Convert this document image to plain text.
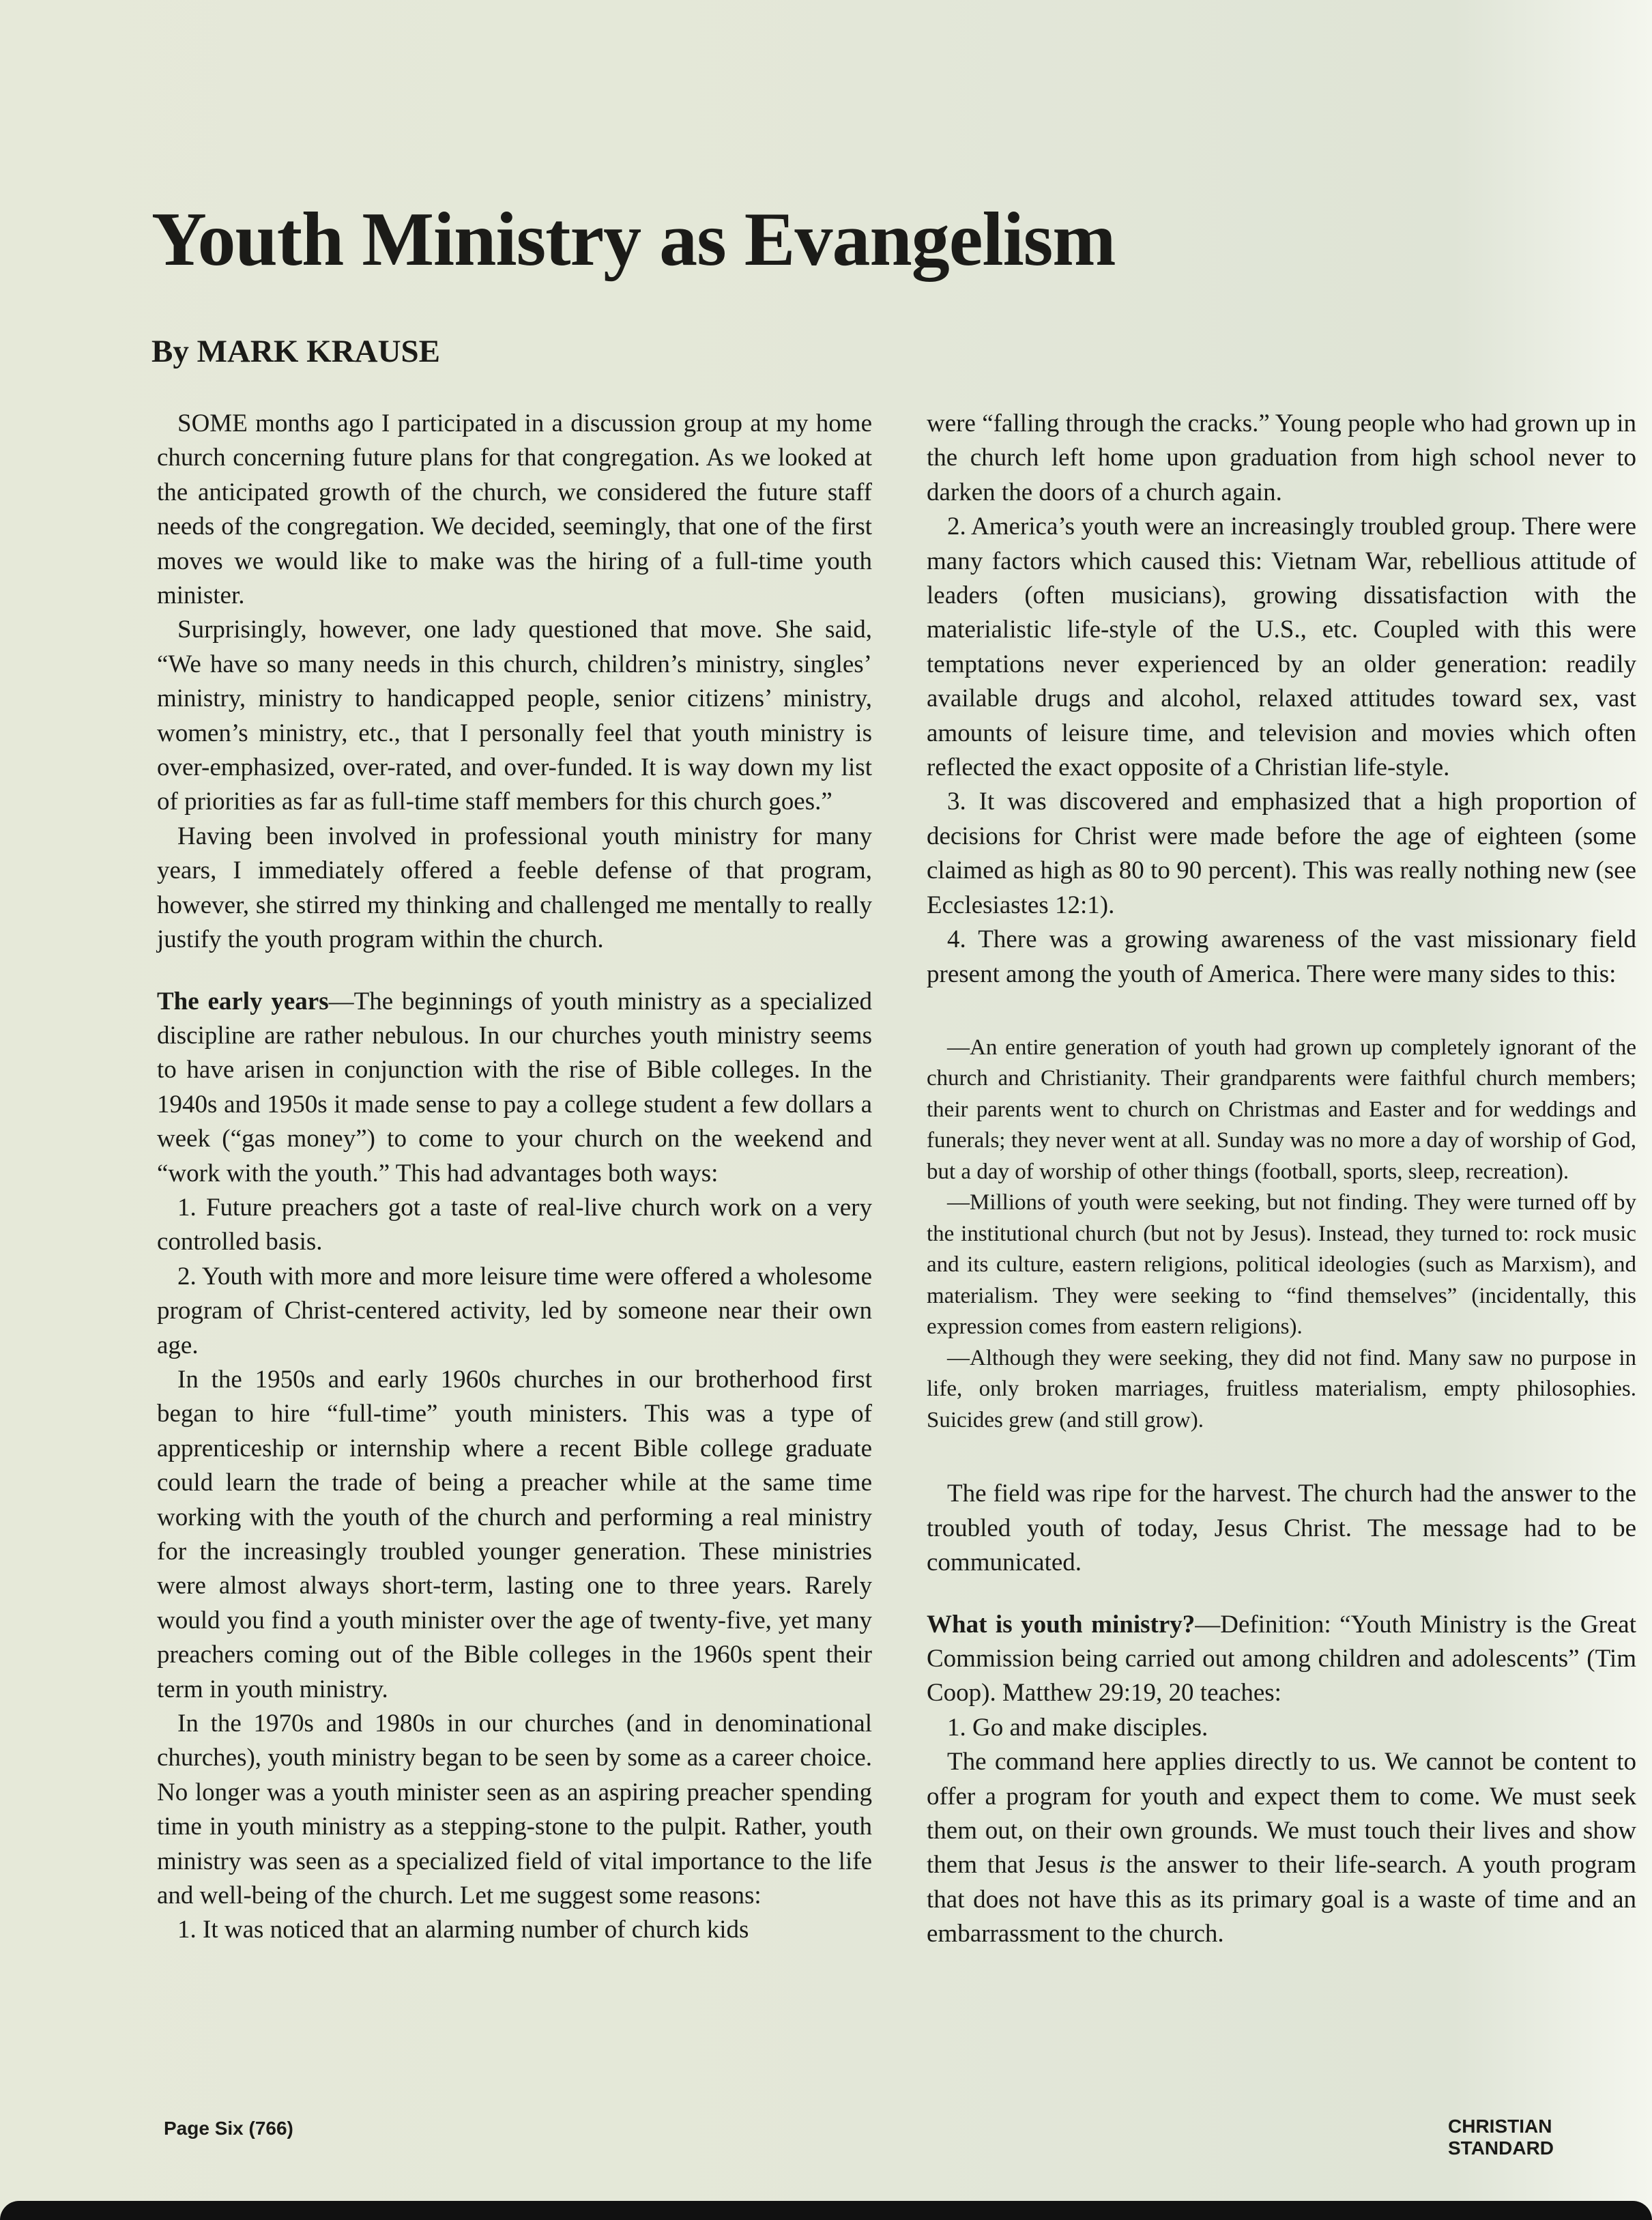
Youth Ministry as Evangelism
By MARK KRAUSE

SOME months ago I participated in a discussion group at my home church concerning future plans for that congregation. As we looked at the anticipated growth of the church, we considered the future staff needs of the congregation. We decided, seemingly, that one of the first moves we would like to make was the hiring of a full-time youth minister.

Surprisingly, however, one lady questioned that move. She said, “We have so many needs in this church, children’s ministry, singles’ ministry, ministry to handicapped people, senior citizens’ ministry, women’s ministry, etc., that I personally feel that youth ministry is over-emphasized, over-rated, and over-funded. It is way down my list of priorities as far as full-time staff members for this church goes.”

Having been involved in professional youth ministry for many years, I immediately offered a feeble defense of that program, however, she stirred my thinking and challenged me mentally to really justify the youth program within the church.

The early years—The beginnings of youth ministry as a specialized discipline are rather nebulous. In our churches youth ministry seems to have arisen in conjunction with the rise of Bible colleges. In the 1940s and 1950s it made sense to pay a college student a few dollars a week (“gas money”) to come to your church on the weekend and “work with the youth.” This had advantages both ways:

1. Future preachers got a taste of real-live church work on a very controlled basis.

2. Youth with more and more leisure time were offered a wholesome program of Christ-centered activity, led by someone near their own age.

In the 1950s and early 1960s churches in our brotherhood first began to hire “full-time” youth ministers. This was a type of apprenticeship or internship where a recent Bible college graduate could learn the trade of being a preacher while at the same time working with the youth of the church and performing a real ministry for the increasingly troubled younger generation. These ministries were almost always short-term, lasting one to three years. Rarely would you find a youth minister over the age of twenty-five, yet many preachers coming out of the Bible colleges in the 1960s spent their term in youth ministry.

In the 1970s and 1980s in our churches (and in denominational churches), youth ministry began to be seen by some as a career choice. No longer was a youth minister seen as an aspiring preacher spending time in youth ministry as a stepping-stone to the pulpit. Rather, youth ministry was seen as a specialized field of vital importance to the life and well-being of the church. Let me suggest some reasons:

1. It was noticed that an alarming number of church kids

were “falling through the cracks.” Young people who had grown up in the church left home upon graduation from high school never to darken the doors of a church again.

2. America’s youth were an increasingly troubled group. There were many factors which caused this: Vietnam War, rebellious attitude of leaders (often musicians), growing dissatisfaction with the materialistic life-style of the U.S., etc. Coupled with this were temptations never experienced by an older generation: readily available drugs and alcohol, relaxed attitudes toward sex, vast amounts of leisure time, and television and movies which often reflected the exact opposite of a Christian life-style.

3. It was discovered and emphasized that a high proportion of decisions for Christ were made before the age of eighteen (some claimed as high as 80 to 90 percent). This was really nothing new (see Ecclesiastes 12:1).

4. There was a growing awareness of the vast missionary field present among the youth of America. There were many sides to this:

—An entire generation of youth had grown up completely ignorant of the church and Christianity. Their grandparents were faithful church members; their parents went to church on Christmas and Easter and for weddings and funerals; they never went at all. Sunday was no more a day of worship of God, but a day of worship of other things (football, sports, sleep, recreation).

—Millions of youth were seeking, but not finding. They were turned off by the institutional church (but not by Jesus). Instead, they turned to: rock music and its culture, eastern religions, political ideologies (such as Marxism), and materialism. They were seeking to “find themselves” (incidentally, this expression comes from eastern religions).

—Although they were seeking, they did not find. Many saw no purpose in life, only broken marriages, fruitless materialism, empty philosophies. Suicides grew (and still grow).

The field was ripe for the harvest. The church had the answer to the troubled youth of today, Jesus Christ. The message had to be communicated.

What is youth ministry?—Definition: “Youth Ministry is the Great Commission being carried out among children and adolescents” (Tim Coop). Matthew 29:19, 20 teaches:

1. Go and make disciples.

The command here applies directly to us. We cannot be content to offer a program for youth and expect them to come. We must seek them out, on their own grounds. We must touch their lives and show them that Jesus is the answer to their life-search. A youth program that does not have this as its primary goal is a waste of time and an embarrassment to the church.

Page Six (766)	CHRISTIAN STANDARD
